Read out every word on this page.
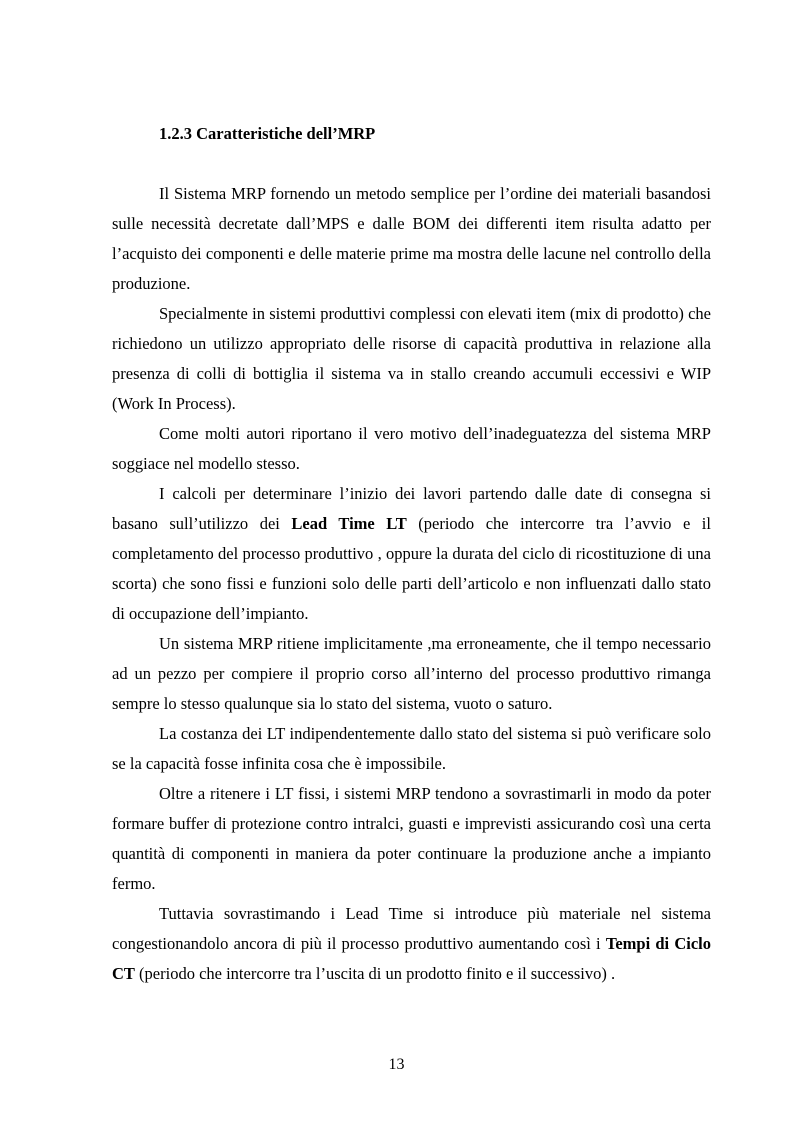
1.2.3 Caratteristiche dell’MRP

Il Sistema MRP fornendo un metodo semplice per l’ordine dei materiali basandosi sulle necessità decretate dall’MPS e dalle BOM dei differenti item risulta adatto per l’acquisto dei componenti e delle materie prime ma mostra delle lacune nel controllo della produzione.

Specialmente in sistemi produttivi complessi con elevati item (mix di prodotto) che richiedono un utilizzo appropriato delle risorse di capacità produttiva in relazione alla presenza di colli di bottiglia il sistema va in stallo creando accumuli eccessivi e WIP (Work In Process).

Come molti autori riportano il vero motivo dell’inadeguatezza del sistema MRP soggiace nel modello stesso.

I calcoli per determinare l’inizio dei lavori partendo dalle date di consegna si basano sull’utilizzo dei Lead Time LT (periodo che intercorre tra l’avvio e il completamento del processo produttivo , oppure la durata del ciclo di ricostituzione di una scorta) che sono fissi e funzioni solo delle parti dell’articolo e non influenzati dallo stato di occupazione dell’impianto.

Un sistema MRP ritiene implicitamente ,ma erroneamente, che il tempo necessario ad un pezzo per compiere il proprio corso all’interno del processo produttivo rimanga sempre lo stesso qualunque sia lo stato del sistema, vuoto o saturo.

La costanza dei LT indipendentemente dallo stato del sistema si può verificare solo se la capacità fosse infinita cosa che è impossibile.

Oltre a ritenere i LT fissi, i sistemi MRP tendono a sovrastimarli in modo da poter formare buffer di protezione contro intralci, guasti e imprevisti assicurando così una certa quantità di componenti in maniera da poter continuare la produzione anche a impianto fermo.

Tuttavia sovrastimando i Lead Time si introduce più materiale nel sistema congestionandolo ancora di più il processo produttivo aumentando così i Tempi di Ciclo CT (periodo che intercorre tra l’uscita di un prodotto finito e il successivo) .

13
